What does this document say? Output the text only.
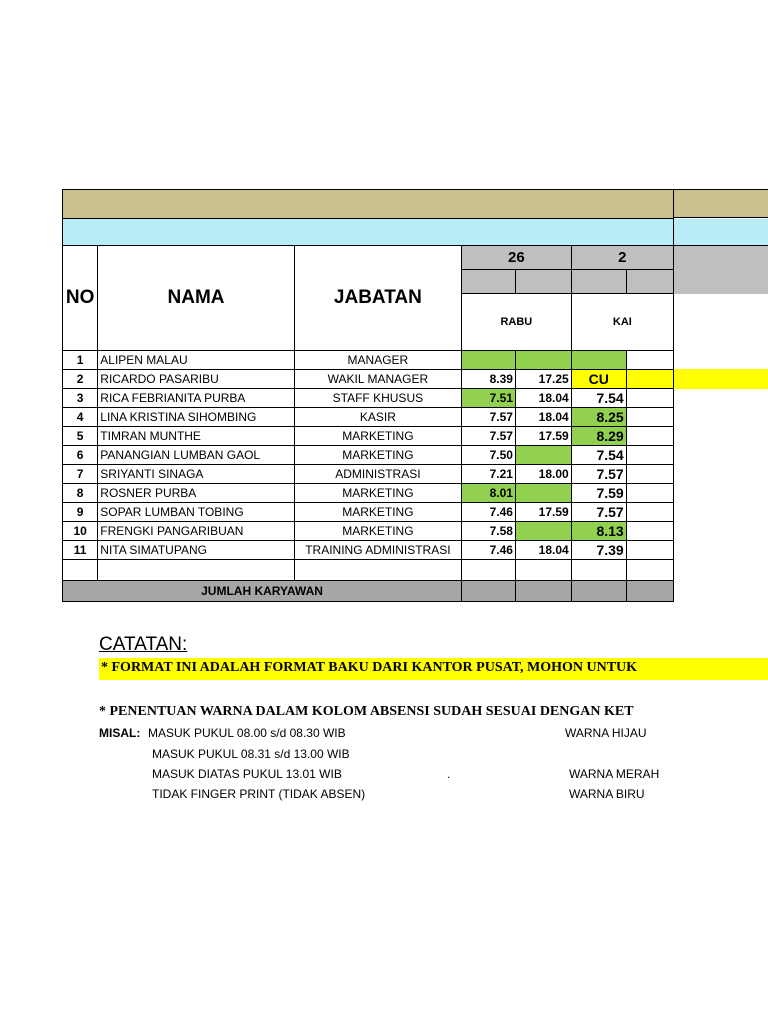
NO	NAMA	JABATAN	26		2	

			RABU		KAI	
1	ALIPEN MALAU	MANAGER				
2	RICARDO PASARIBU	WAKIL MANAGER	8.39	17.25	CU	
3	RICA FEBRIANITA PURBA	STAFF KHUSUS	7.51	18.04	7.54	
4	LINA KRISTINA SIHOMBING	KASIR	7.57	18.04	8.25	
5	TIMRAN MUNTHE	MARKETING	7.57	17.59	8.29	
6	PANANGIAN LUMBAN GAOL	MARKETING	7.50		7.54	
7	SRIYANTI SINAGA	ADMINISTRASI	7.21	18.00	7.57	
8	ROSNER PURBA	MARKETING	8.01		7.59	
9	SOPAR LUMBAN TOBING	MARKETING	7.46	17.59	7.57	
10	FRENGKI PANGARIBUAN	MARKETING	7.58		8.13	
11	NITA SIMATUPANG	TRAINING ADMINISTRASI	7.46	18.04	7.39	

JUMLAH KARYAWAN						
CATATAN:
* FORMAT INI ADALAH FORMAT BAKU DARI KANTOR PUSAT, MOHON UNTUK
* PENENTUAN WARNA DALAM KOLOM ABSENSI SUDAH SESUAI DENGAN KET
MISAL: MASUK PUKUL 08.00 s/d 08.30 WIB	WARNA HIJAU
MASUK PUKUL 08.31 s/d 13.00 WIB
MASUK DIATAS PUKUL 13.01 WIB	.	WARNA MERAH
TIDAK FINGER PRINT (TIDAK ABSEN)	WARNA BIRU
